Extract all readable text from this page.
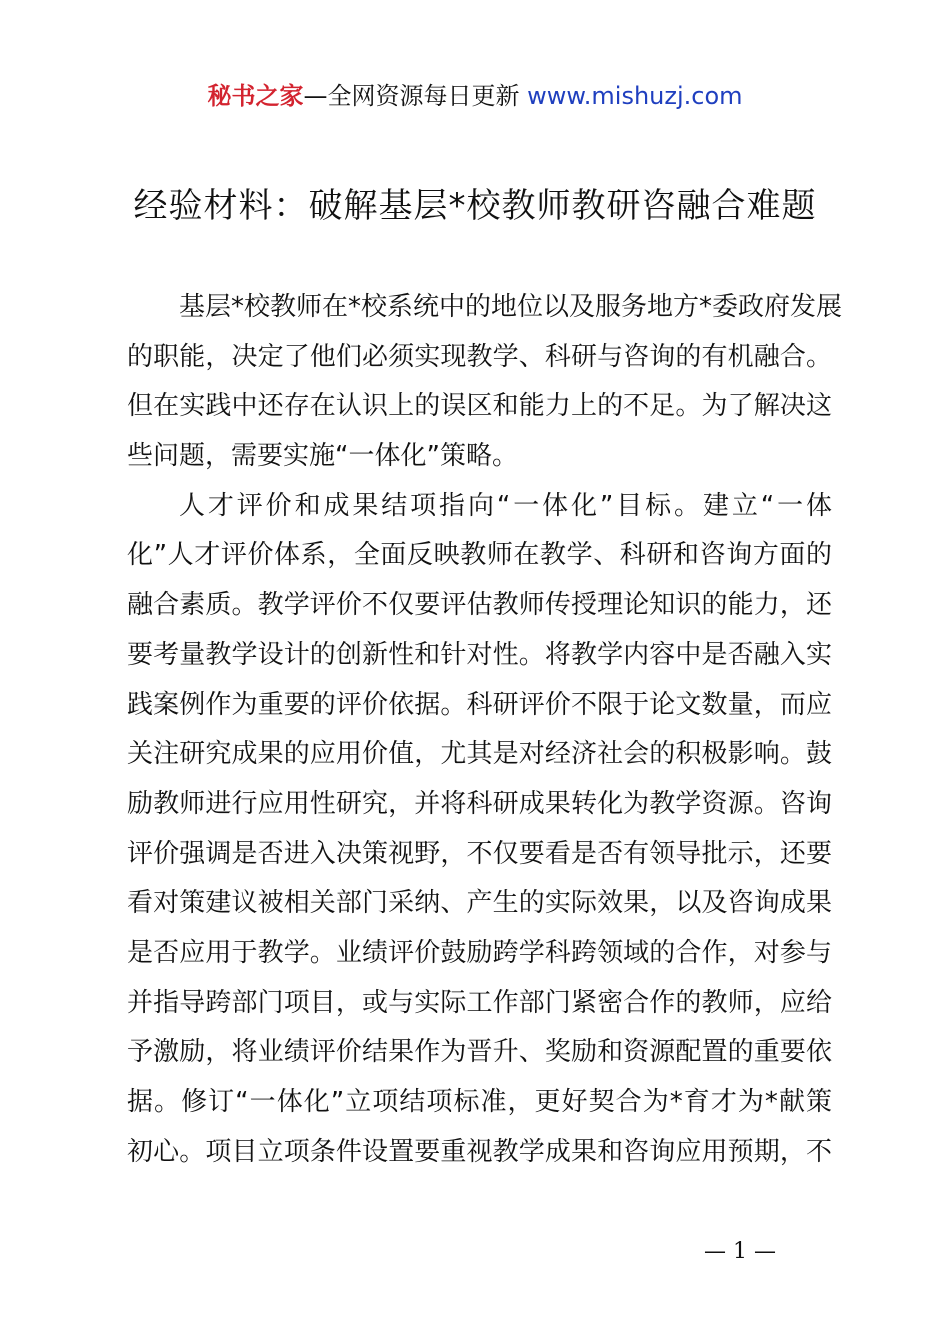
秘书之家—全网资源每日更新 www.mishuzj.com
经验材料：破解基层*校教师教研咨融合难题

基层*校教师在*校系统中的地位以及服务地方*委政府发展
的职能，决定了他们必须实现教学、科研与咨询的有机融合。
但在实践中还存在认识上的误区和能力上的不足。为了解决这
些问题，需要实施“一体化”策略。

人才评价和成果结项指向“一体化”目标。建立“一体
化”人才评价体系，全面反映教师在教学、科研和咨询方面的
融合素质。教学评价不仅要评估教师传授理论知识的能力，还
要考量教学设计的创新性和针对性。将教学内容中是否融入实
践案例作为重要的评价依据。科研评价不限于论文数量，而应
关注研究成果的应用价值，尤其是对经济社会的积极影响。鼓
励教师进行应用性研究，并将科研成果转化为教学资源。咨询
评价强调是否进入决策视野，不仅要看是否有领导批示，还要
看对策建议被相关部门采纳、产生的实际效果，以及咨询成果
是否应用于教学。业绩评价鼓励跨学科跨领域的合作，对参与
并指导跨部门项目，或与实际工作部门紧密合作的教师，应给
予激励，将业绩评价结果作为晋升、奖励和资源配置的重要依
据。修订“一体化”立项结项标准，更好契合为*育才为*献策
初心。项目立项条件设置要重视教学成果和咨询应用预期，不

— 1 —
